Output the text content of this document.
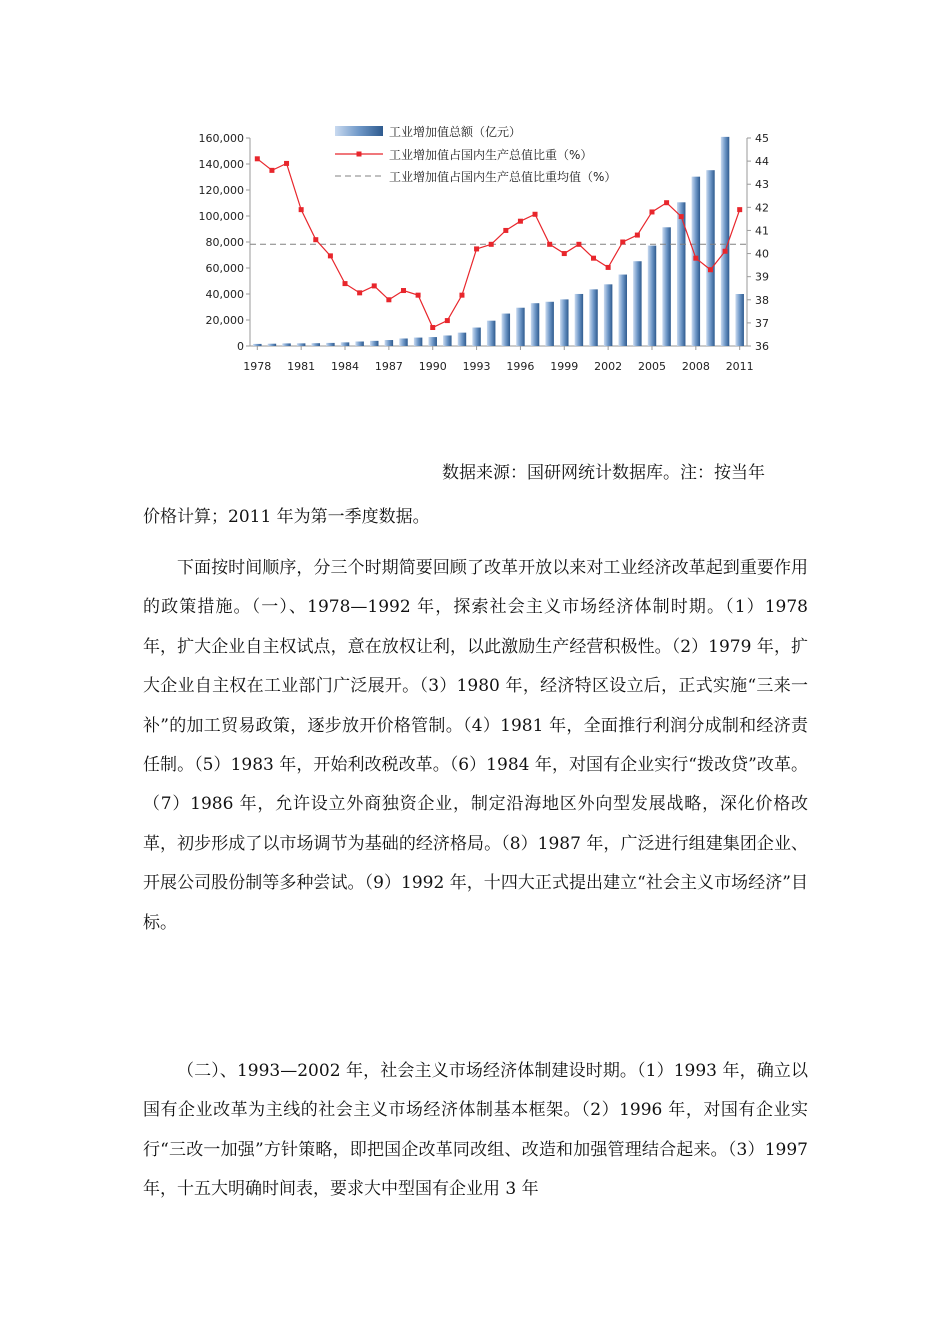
0
20,000
40,000
60,000
80,000
100,000
120,000
140,000
160,000
36
37
38
39
40
41
42
43
44
45
1978 1981 1984 1987 1990 1993 1996 1999 2002 2005 2008 2011
工业增加值总额（亿元）
工业增加值占国内生产总值比重（%）
工业增加值占国内生产总值比重均值（%）
数据来源：国研网统计数据库。注：按当年
价格计算；2011 年为第一季度数据。

下面按时间顺序，分三个时期简要回顾了改革开放以来对工业经济改革起到重要作用的政策措施。（一）、1978—1992 年，探索社会主义市场经济体制时期。（1）1978 年，扩大企业自主权试点，意在放权让利，以此激励生产经营积极性。（2）1979 年，扩大企业自主权在工业部门广泛展开。（3）1980 年，经济特区设立后，正式实施“三来一补”的加工贸易政策，逐步放开价格管制。（4）1981 年，全面推行利润分成制和经济责任制。（5）1983 年，开始利改税改革。（6）1984 年，对国有企业实行“拨改贷”改革。（7）1986 年，允许设立外商独资企业，制定沿海地区外向型发展战略，深化价格改革，初步形成了以市场调节为基础的经济格局。（8）1987 年，广泛进行组建集团企业、开展公司股份制等多种尝试。（9）1992 年，十四大正式提出建立“社会主义市场经济”目标。

（二）、1993—2002 年，社会主义市场经济体制建设时期。（1）1993 年，确立以国有企业改革为主线的社会主义市场经济体制基本框架。（2）1996 年，对国有企业实行“三改一加强”方针策略，即把国企改革同改组、改造和加强管理结合起来。（3）1997 年，十五大明确时间表，要求大中型国有企业用 3 年
